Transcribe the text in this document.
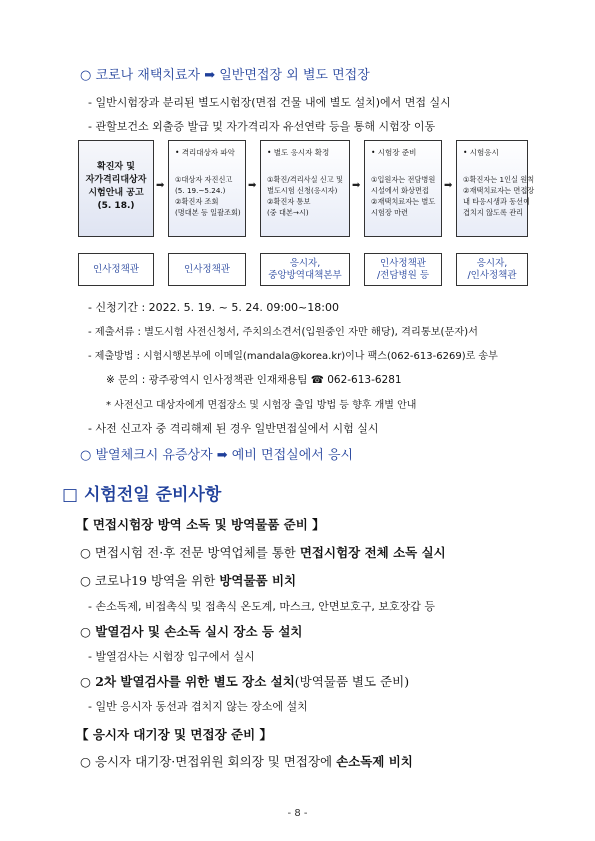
○ 코로나 재택치료자 ➡ 일반면접장 외 별도 면접장
- 일반시험장과 분리된 별도시험장(면접 건물 내에 별도 설치)에서 면접 실시
- 관할보건소 외출증 발급 및 자가격리자 유선연락 등을 통해 시험장 이동
확진자 및
자가격리대상자
시험안내 공고
(5. 18.)
➡
• 격리대상자 파악
①대상자 자진신고
(5. 19.~5.24.)
②확진자 조회
(명대본 등 일괄조회)
➡
• 별도 응시자 확정
①확진/격리사실 신고 및
별도시험 신청(응시자)
②확진자 통보
(중 대본→시)
➡
• 시험장 준비
①입원자는 전담병원
시설에서 화상면접
②재택치료자는 별도
시험장 마련
➡
• 시험응시
①확진자는 1인실 원칙
②재택치료자는 면접장
내 타응시생과 동선이
겹치지 않도록 관리
인사정책관	인사정책관
응시자,
중앙방역대책본부
인사정책관
/전담병원 등
응시자,
/인사정책관
- 신청기간 : 2022. 5. 19. ~ 5. 24. 09:00~18:00
- 제출서류 : 별도시험 사전신청서, 주치의소견서(입원중인 자만 해당), 격리통보(문자)서
- 제출방법 : 시험시행본부에 이메일(mandala@korea.kr)이나 팩스(062-613-6269)로 송부
※ 문의 : 광주광역시 인사정책관 인재채용팀 ☎ 062-613-6281
* 사전신고 대상자에게 면접장소 및 시험장 출입 방법 등 향후 개별 안내
- 사전 신고자 중 격리해제 된 경우 일반면접실에서 시험 실시
○ 발열체크시 유증상자 ➡ 예비 면접실에서 응시
□ 시험전일 준비사항
【 면접시험장 방역 소독 및 방역물품 준비 】
○ 면접시험 전·후 전문 방역업체를 통한 면접시험장 전체 소독 실시
○ 코로나19 방역을 위한 방역물품 비치
- 손소독제, 비접촉식 및 접촉식 온도계, 마스크, 안면보호구, 보호장갑 등
○ 발열검사 및 손소독 실시 장소 등 설치
- 발열검사는 시험장 입구에서 실시
○ 2차 발열검사를 위한 별도 장소 설치(방역물품 별도 준비)
- 일반 응시자 동선과 겹치지 않는 장소에 설치
【 응시자 대기장 및 면접장 준비 】
○ 응시자 대기장·면접위원 회의장 및 면접장에 손소독제 비치
- 8 -
